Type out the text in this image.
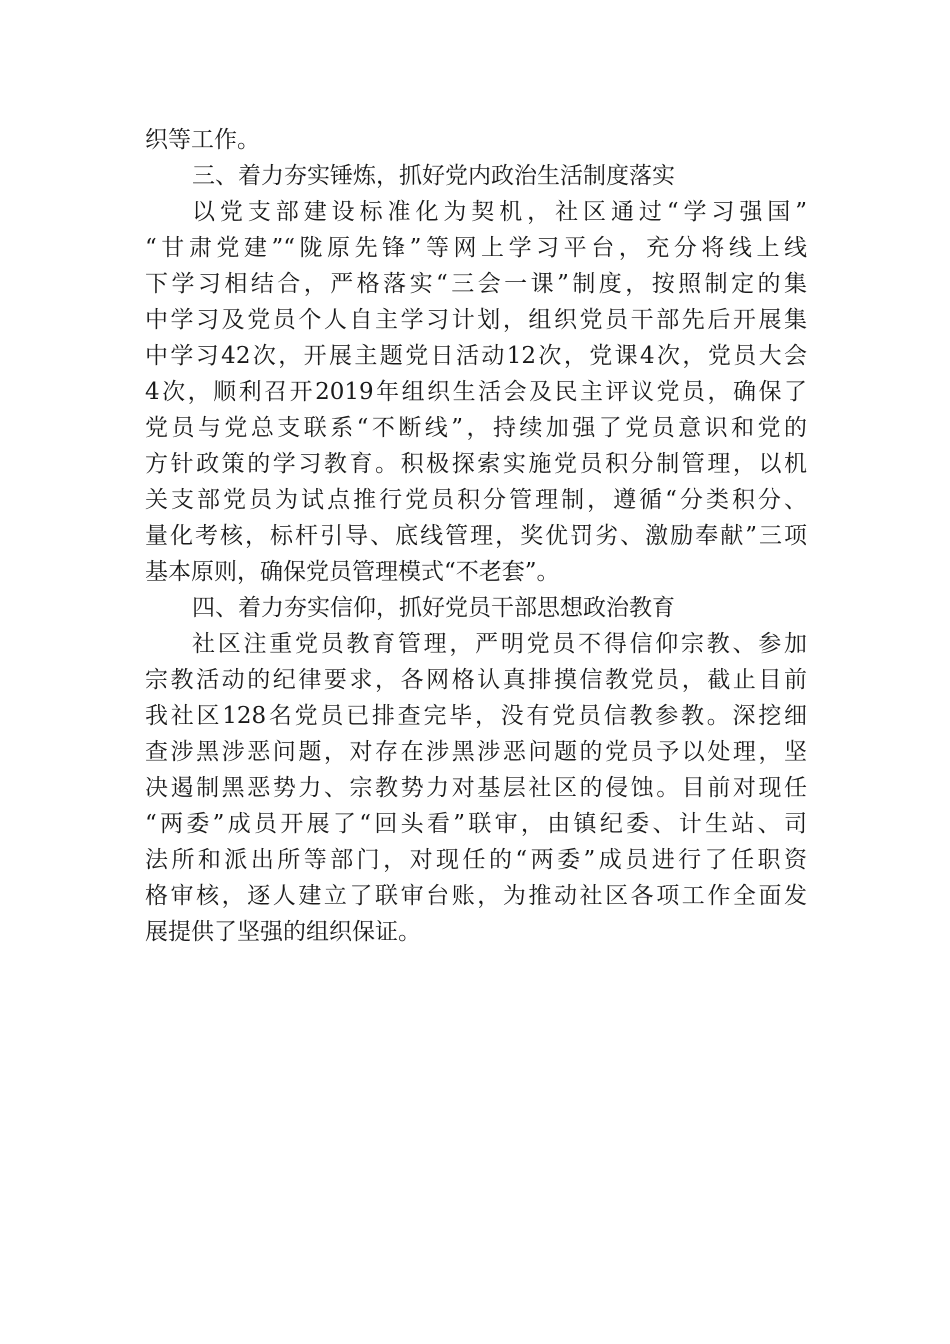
织等工作。
三、着力夯实锤炼，抓好党内政治生活制度落实
以党支部建设标准化为契机，社区通过“学习强国”
“甘肃党建”“陇原先锋”等网上学习平台，充分将线上线
下学习相结合，严格落实“三会一课”制度，按照制定的集
中学习及党员个人自主学习计划，组织党员干部先后开展集
中学习42次，开展主题党日活动12次，党课4次，党员大会
4次，顺利召开2019年组织生活会及民主评议党员，确保了
党员与党总支联系“不断线”，持续加强了党员意识和党的
方针政策的学习教育。积极探索实施党员积分制管理，以机
关支部党员为试点推行党员积分管理制，遵循“分类积分、
量化考核，标杆引导、底线管理，奖优罚劣、激励奉献”三项
基本原则，确保党员管理模式“不老套”。
四、着力夯实信仰，抓好党员干部思想政治教育
社区注重党员教育管理，严明党员不得信仰宗教、参加
宗教活动的纪律要求，各网格认真排摸信教党员，截止目前
我社区128名党员已排查完毕，没有党员信教参教。深挖细
查涉黑涉恶问题，对存在涉黑涉恶问题的党员予以处理，坚
决遏制黑恶势力、宗教势力对基层社区的侵蚀。目前对现任
“两委”成员开展了“回头看”联审，由镇纪委、计生站、司
法所和派出所等部门，对现任的“两委”成员进行了任职资
格审核，逐人建立了联审台账，为推动社区各项工作全面发
展提供了坚强的组织保证。
